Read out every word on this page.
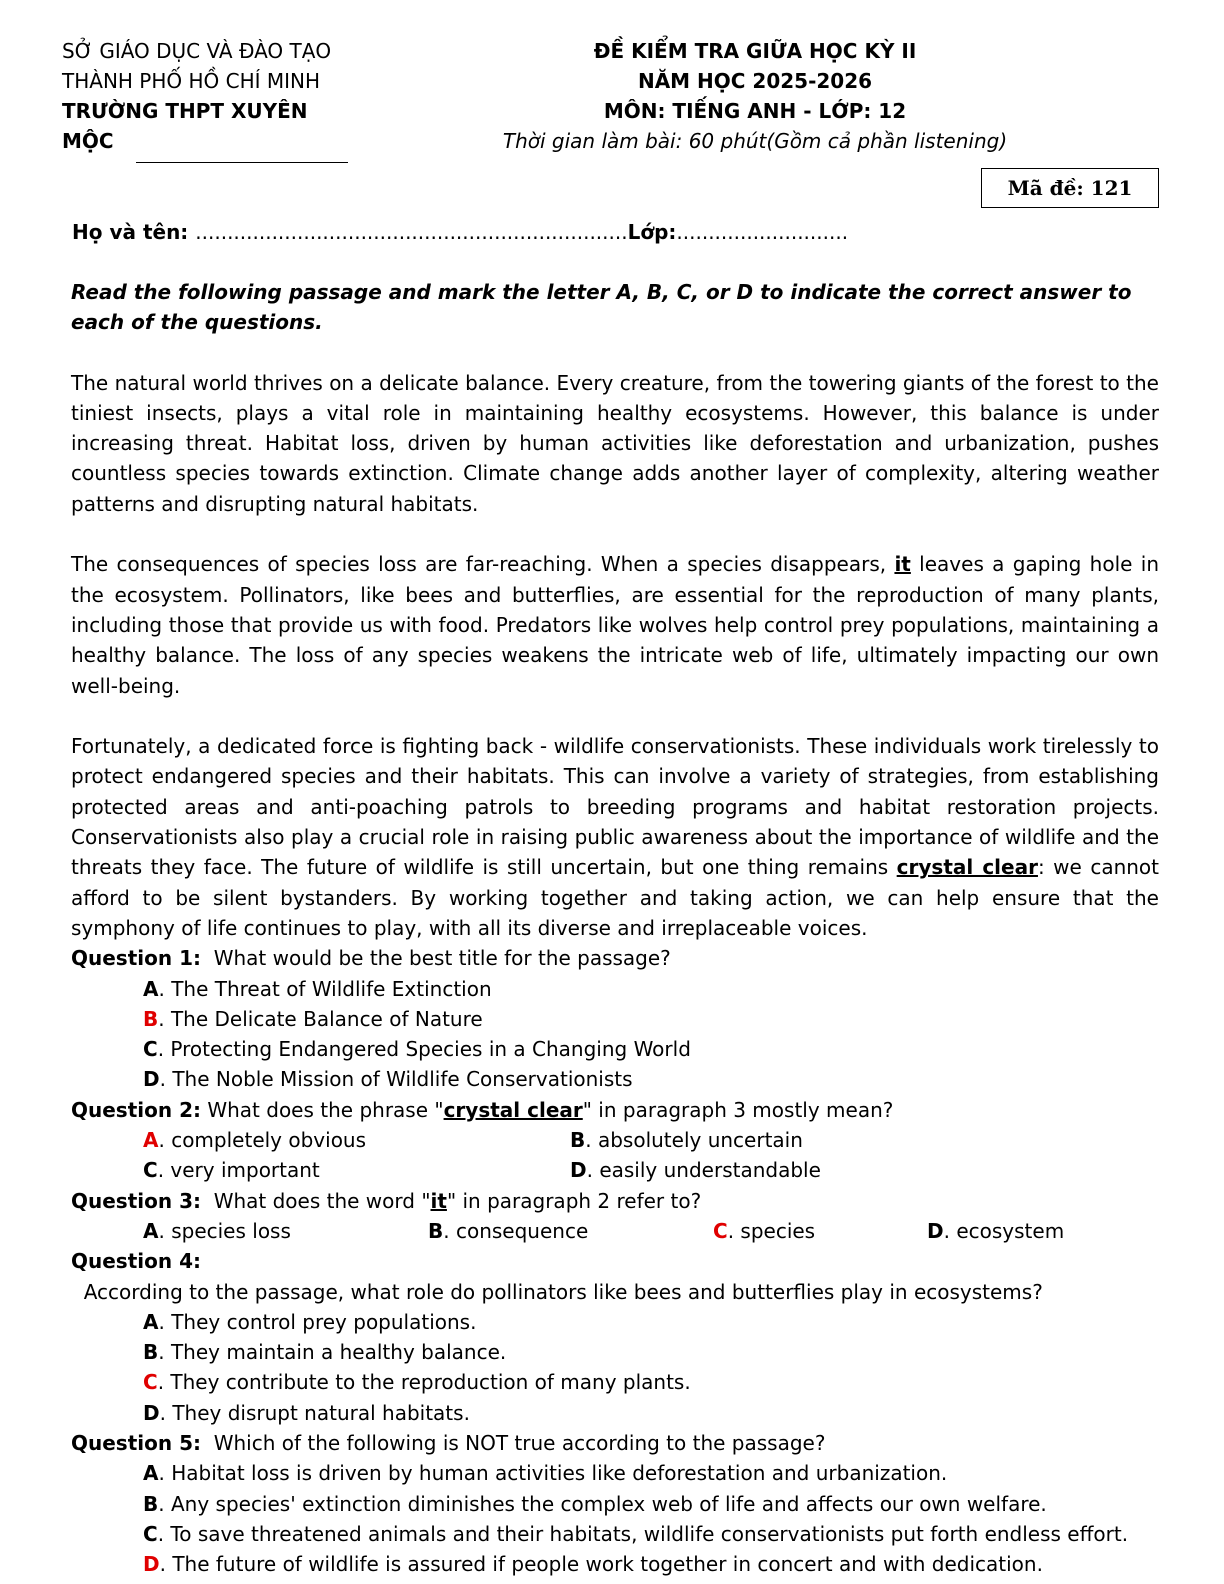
SỞ GIÁO DỤC VÀ ĐÀO TẠO
THÀNH PHỐ HỒ CHÍ MINH
TRƯỜNG THPT XUYÊN MỘC
ĐỀ KIỂM TRA GIỮA HỌC KỲ II
NĂM HỌC 2025-2026
MÔN: TIẾNG ANH - LỚP: 12
Thời gian làm bài: 60 phút(Gồm cả phần listening)
Mã đề: 121
Họ và tên: ....................................................................Lớp:...........................
Read the following passage and mark the letter A, B, C, or D to indicate the correct answer to each of the questions.
The natural world thrives on a delicate balance. Every creature, from the towering giants of the forest to the tiniest insects, plays a vital role in maintaining healthy ecosystems. However, this balance is under increasing threat. Habitat loss, driven by human activities like deforestation and urbanization, pushes countless species towards extinction. Climate change adds another layer of complexity, altering weather patterns and disrupting natural habitats.
The consequences of species loss are far-reaching. When a species disappears, it leaves a gaping hole in the ecosystem. Pollinators, like bees and butterflies, are essential for the reproduction of many plants, including those that provide us with food. Predators like wolves help control prey populations, maintaining a healthy balance. The loss of any species weakens the intricate web of life, ultimately impacting our own well-being.
Fortunately, a dedicated force is fighting back - wildlife conservationists. These individuals work tirelessly to protect endangered species and their habitats. This can involve a variety of strategies, from establishing protected areas and anti-poaching patrols to breeding programs and habitat restoration projects. Conservationists also play a crucial role in raising public awareness about the importance of wildlife and the threats they face. The future of wildlife is still uncertain, but one thing remains crystal clear: we cannot afford to be silent bystanders. By working together and taking action, we can help ensure that the symphony of life continues to play, with all its diverse and irreplaceable voices.
Question 1:  What would be the best title for the passage?
A. The Threat of Wildlife Extinction
B. The Delicate Balance of Nature
C. Protecting Endangered Species in a Changing World
D. The Noble Mission of Wildlife Conservationists
Question 2: What does the phrase "crystal clear" in paragraph 3 mostly mean?
A. completely obvious	B. absolutely uncertain
C. very important	D. easily understandable
Question 3:  What does the word "it" in paragraph 2 refer to?
A. species loss	B. consequence	C. species	D. ecosystem
Question 4:  According to the passage, what role do pollinators like bees and butterflies play in ecosystems?
A. They control prey populations.
B. They maintain a healthy balance.
C. They contribute to the reproduction of many plants.
D. They disrupt natural habitats.
Question 5:  Which of the following is NOT true according to the passage?
A. Habitat loss is driven by human activities like deforestation and urbanization.
B. Any species' extinction diminishes the complex web of life and affects our own welfare.
C. To save threatened animals and their habitats, wildlife conservationists put forth endless effort.
D. The future of wildlife is assured if people work together in concert and with dedication.
